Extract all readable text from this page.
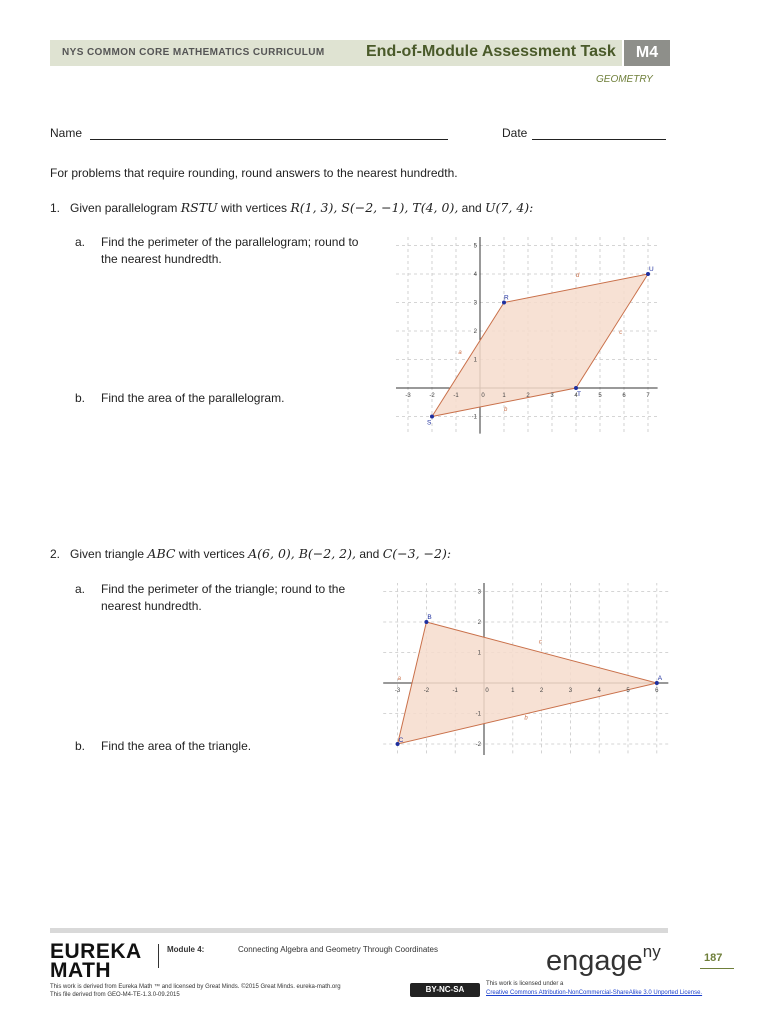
NYS COMMON CORE MATHEMATICS CURRICULUM	End-of-Module Assessment Task	M4
GEOMETRY
Name	Date
For problems that require rounding, round answers to the nearest hundredth.
1. Given parallelogram RSTU with vertices R(1, 3), S(−2, −1), T(4, 0), and U(7, 4):
a. Find the perimeter of the parallelogram; round to
the nearest hundredth.
b. Find the area of the parallelogram.	-3	-2	-1	0	1	2	3	4	5	6	7
5
4
3
2
1
-1
R
S
T
U
a
b
c
d
2. Given triangle ABC with vertices A(6, 0), B(−2, 2), and C(−3, −2):
a. Find the perimeter of the triangle; round to the
nearest hundredth.
b. Find the area of the triangle.
-3	-2	-1	0	1	2	3	4	5	6
3
2
1
-1
-2
A
B
C
a
b
c
EUREKA
MATH
Module 4:	Connecting Algebra and Geometry Through Coordinates	engage$^{ny}$	187
This work is derived from Eureka Math ™ and licensed by Great Minds. ©2015 Great Minds. eureka-math.org
This file derived from GEO-M4-TE-1.3.0-09.2015
BY-NC-SA
This work is licensed under a
Creative Commons Attribution-NonCommercial-ShareAlike 3.0 Unported License.
